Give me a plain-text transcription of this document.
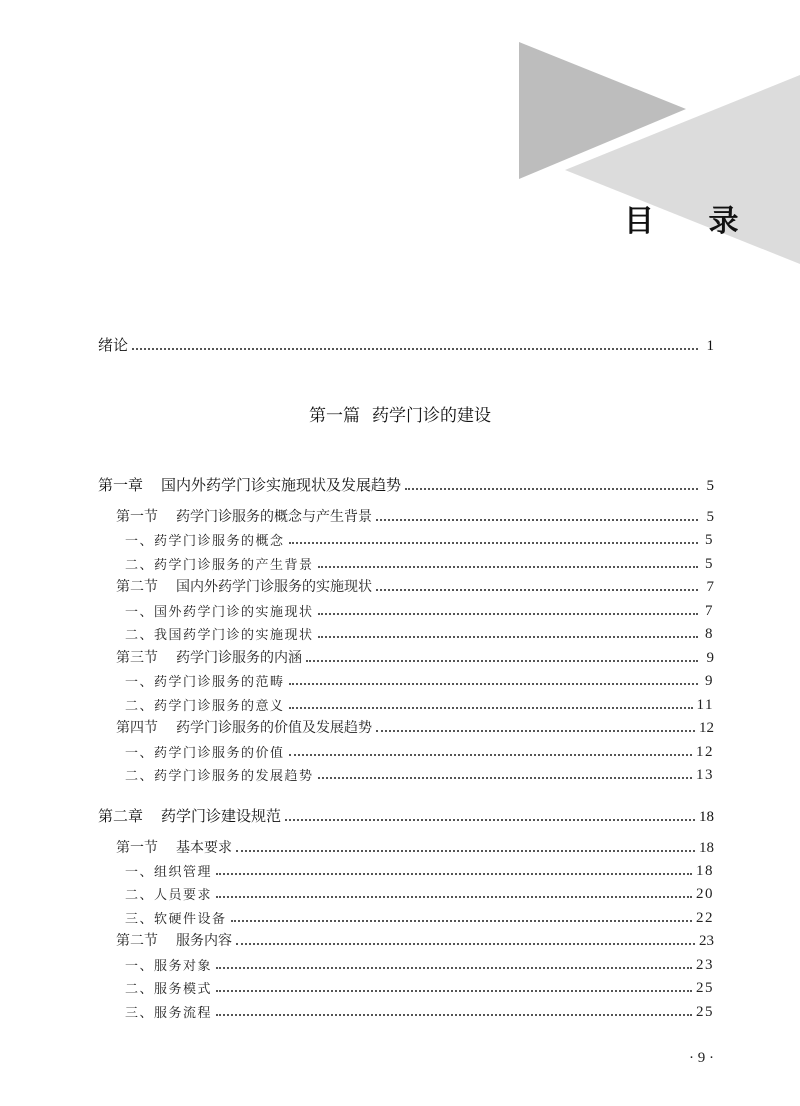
目 录
第一篇 药学门诊的建设
绪论	1
第一章 国内外药学门诊实施现状及发展趋势	5
第一节 药学门诊服务的概念与产生背景	5
一、药学门诊服务的概念	5
二、药学门诊服务的产生背景	5
第二节 国内外药学门诊服务的实施现状	7
一、国外药学门诊的实施现状	7
二、我国药学门诊的实施现状	8
第三节 药学门诊服务的内涵	9
一、药学门诊服务的范畴	9
二、药学门诊服务的意义	11
第四节 药学门诊服务的价值及发展趋势	12
一、药学门诊服务的价值	12
二、药学门诊服务的发展趋势	13
第二章 药学门诊建设规范	18
第一节 基本要求	18
一、组织管理	18
二、人员要求	20
三、软硬件设备	22
第二节 服务内容	23
一、服务对象	23
二、服务模式	25
三、服务流程	25
· 9 ·
